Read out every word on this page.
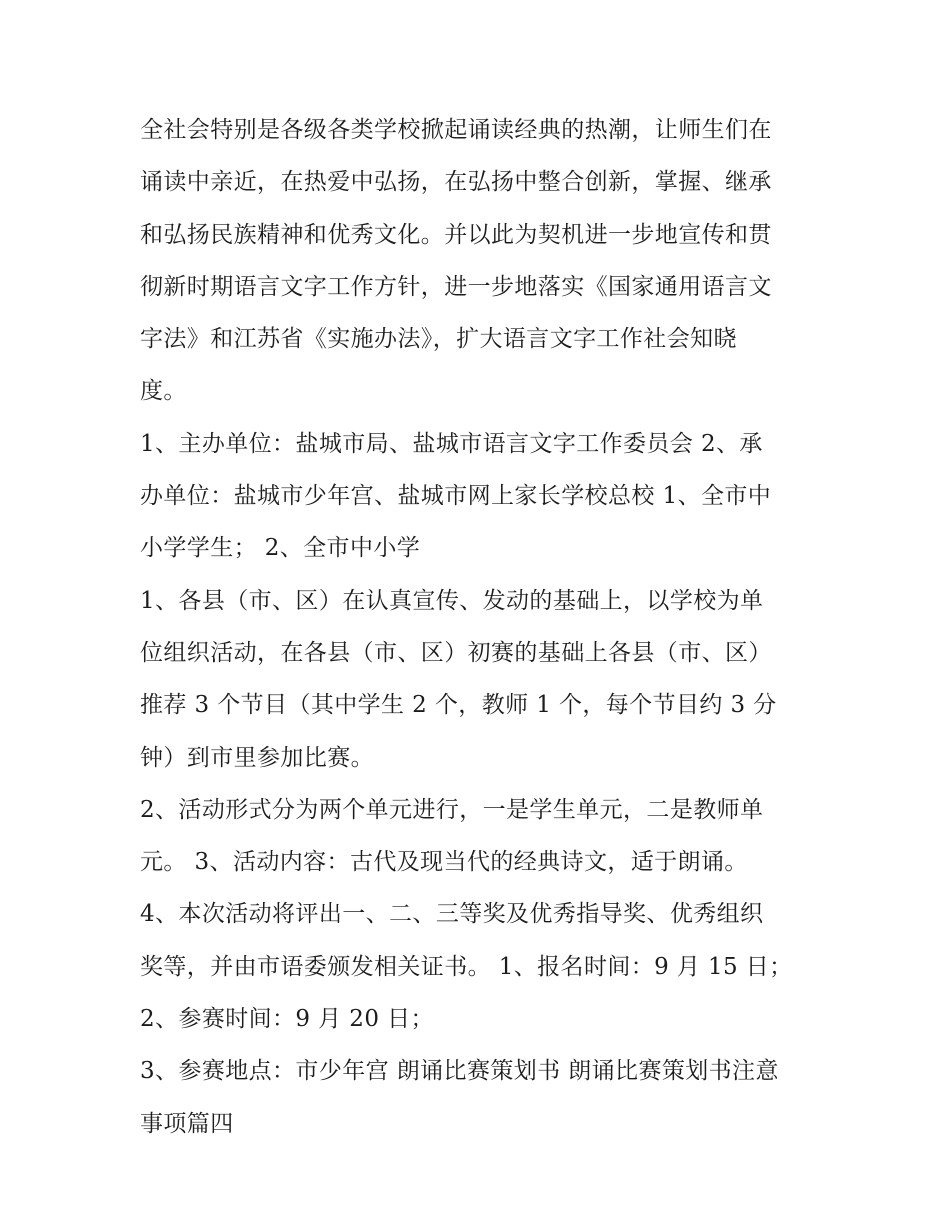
全社会特别是各级各类学校掀起诵读经典的热潮，让师生们在
诵读中亲近，在热爱中弘扬，在弘扬中整合创新，掌握、继承
和弘扬民族精神和优秀文化。并以此为契机进一步地宣传和贯
彻新时期语言文字工作方针，进一步地落实《国家通用语言文
字法》和江苏省《实施办法》，扩大语言文字工作社会知晓
度。
1、主办单位：盐城市局、盐城市语言文字工作委员会 2、承
办单位：盐城市少年宫、盐城市网上家长学校总校 1、全市中
小学学生； 2、全市中小学
1、各县（市、区）在认真宣传、发动的基础上，以学校为单
位组织活动，在各县（市、区）初赛的基础上各县（市、区）
推荐 3 个节目（其中学生 2 个，教师 1 个，每个节目约 3 分
钟）到市里参加比赛。
2、活动形式分为两个单元进行，一是学生单元，二是教师单
元。 3、活动内容：古代及现当代的经典诗文，适于朗诵。
4、本次活动将评出一、二、三等奖及优秀指导奖、优秀组织
奖等，并由市语委颁发相关证书。 1、报名时间：9 月 15 日；
2、参赛时间：9 月 20 日；
3、参赛地点：市少年宫 朗诵比赛策划书 朗诵比赛策划书注意
事项篇四
